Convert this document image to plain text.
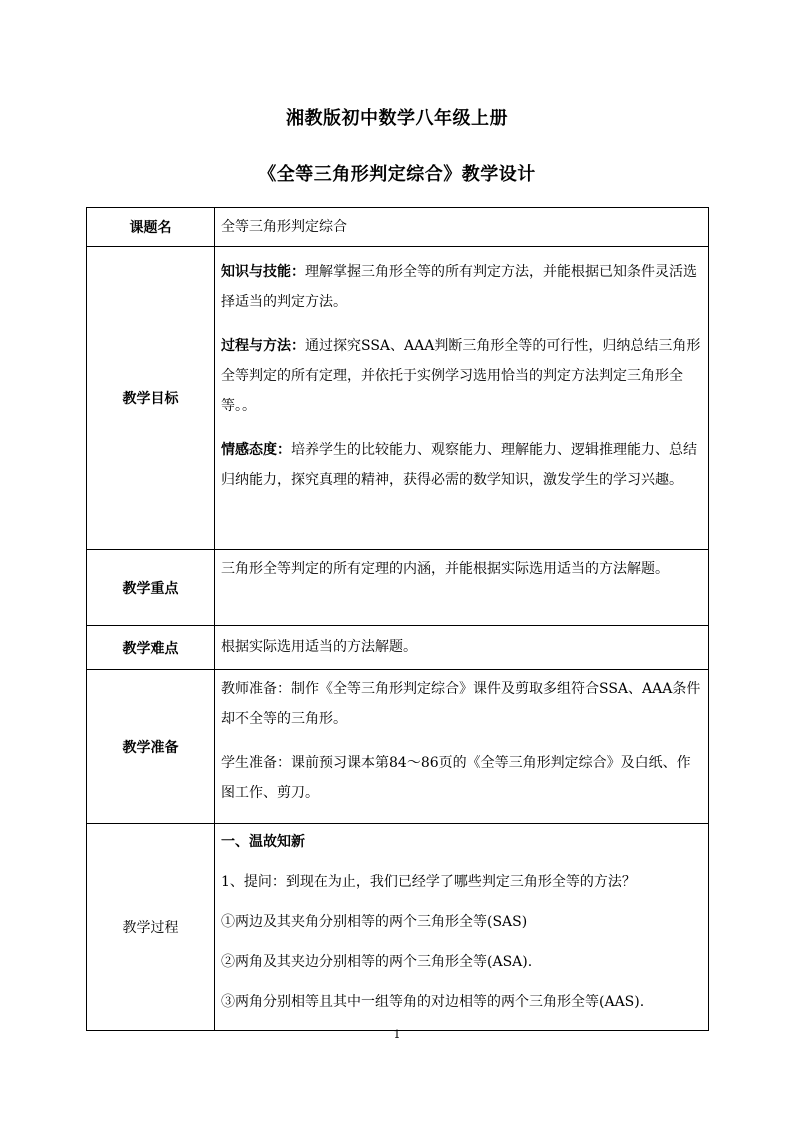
湘教版初中数学八年级上册
《全等三角形判定综合》教学设计
课题名	全等三角形判定综合

教学目标	知识与技能：理解掌握三角形全等的所有判定方法，并能根据已知条件灵活选择适当的判定方法。

过程与方法：通过探究SSA、AAA判断三角形全等的可行性，归纳总结三角形全等判定的所有定理，并依托于实例学习选用恰当的判定方法判定三角形全等。。

情感态度：培养学生的比较能力、观察能力、理解能力、逻辑推理能力、总结归纳能力，探究真理的精神，获得必需的数学知识，激发学生的学习兴趣。

教学重点	三角形全等判定的所有定理的内涵，并能根据实际选用适当的方法解题。

教学难点	根据实际选用适当的方法解题。

教学准备	教师准备：制作《全等三角形判定综合》课件及剪取多组符合SSA、AAA条件却不全等的三角形。

学生准备：课前预习课本第84～86页的《全等三角形判定综合》及白纸、作图工作、剪刀。

教学过程	一、温故知新

1、提问：到现在为止，我们已经学了哪些判定三角形全等的方法？

①两边及其夹角分别相等的两个三角形全等(SAS)

②两角及其夹边分别相等的两个三角形全等(ASA).

③两角分别相等且其中一组等角的对边相等的两个三角形全等(AAS).

1
